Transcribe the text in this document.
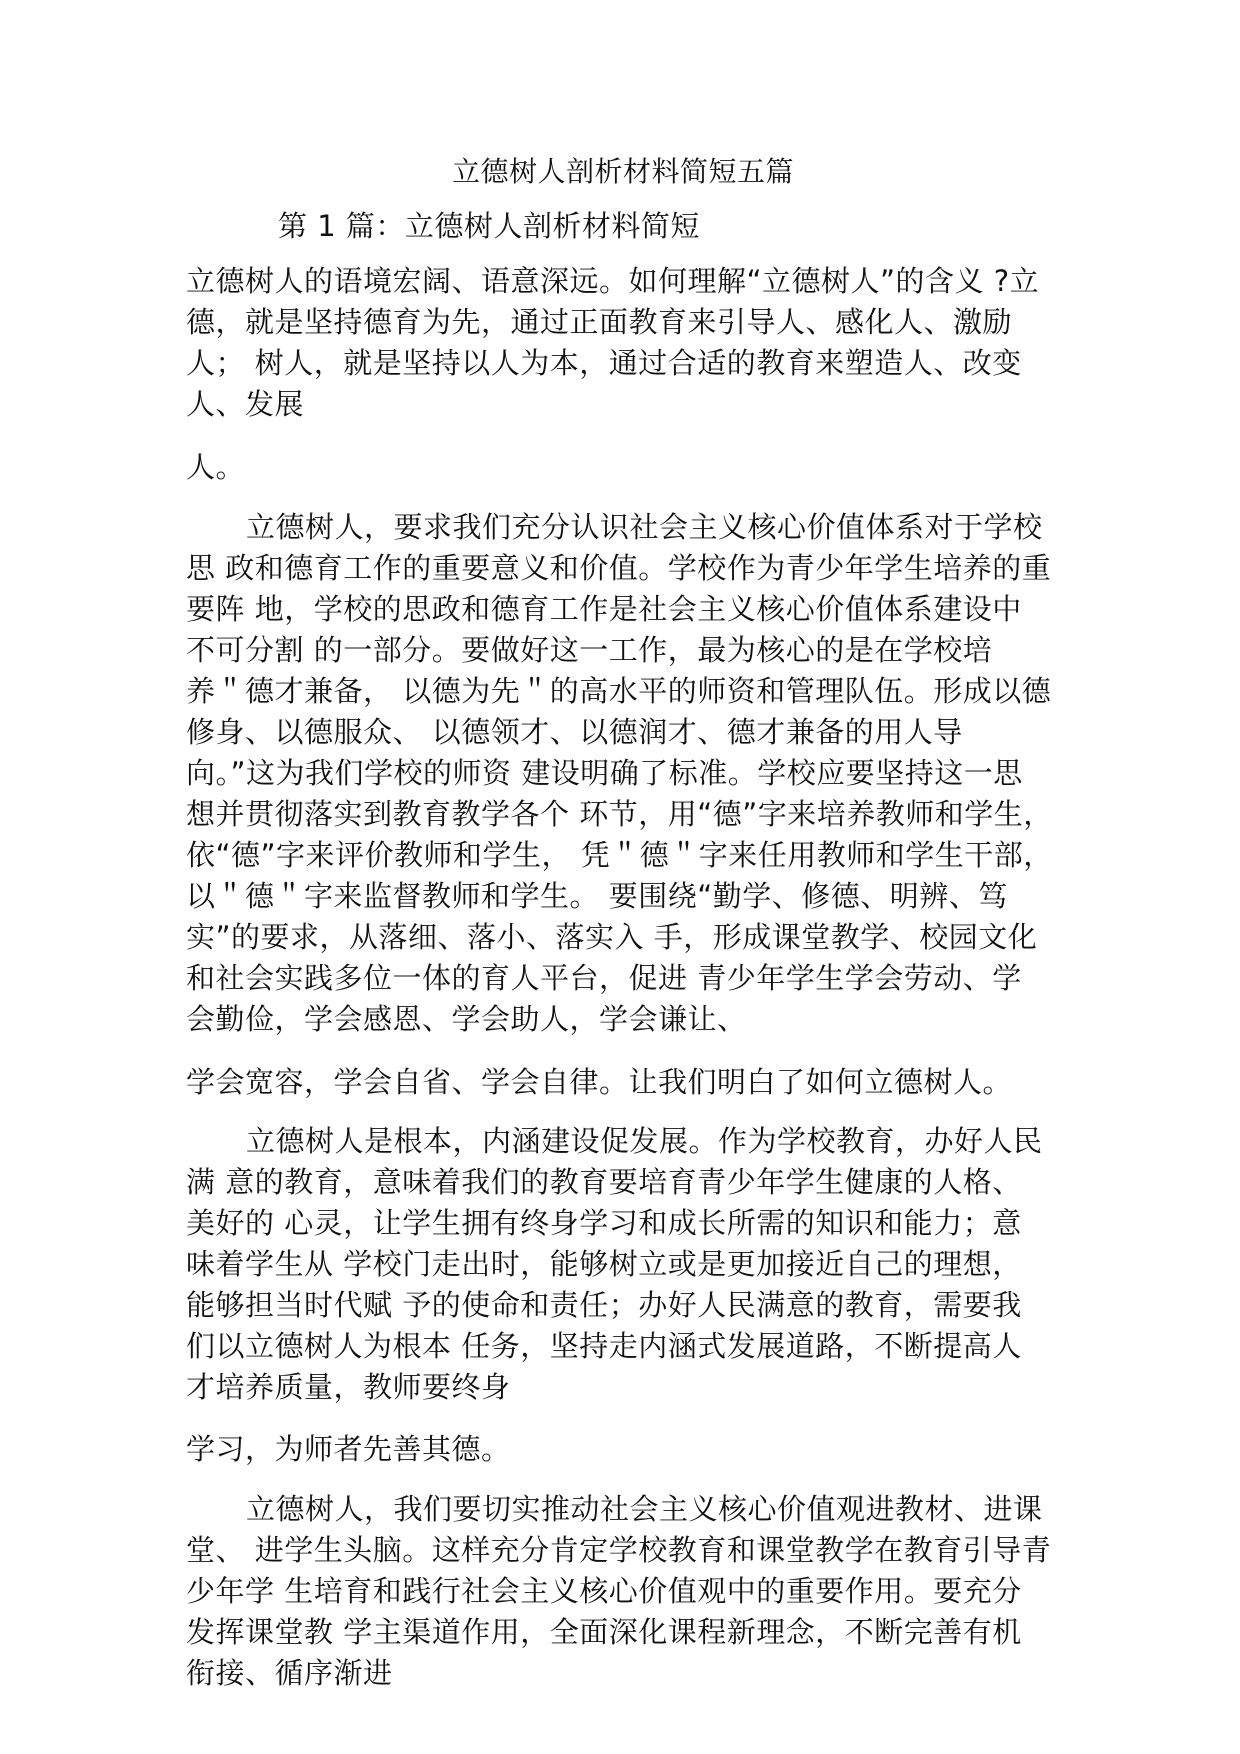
立德树人剖析材料简短五篇
第 1 篇：立德树人剖析材料简短
立德树人的语境宏阔、语意深远。如何理解“立德树人”的含义 ?立
德，就是坚持德育为先，通过正面教育来引导人、感化人、激励
人； 树人，就是坚持以人为本，通过合适的教育来塑造人、改变
人、发展
人。
立德树人，要求我们充分认识社会主义核心价值体系对于学校
思 政和德育工作的重要意义和价值。学校作为青少年学生培养的重
要阵 地，学校的思政和德育工作是社会主义核心价值体系建设中
不可分割 的一部分。要做好这一工作，最为核心的是在学校培
养＂德才兼备， 以德为先＂的高水平的师资和管理队伍。形成以德
修身、以德服众、 以德领才、以德润才、德才兼备的用人导
向。”这为我们学校的师资 建设明确了标准。学校应要坚持这一思
想并贯彻落实到教育教学各个 环节，用“德”字来培养教师和学生，
依“德”字来评价教师和学生， 凭＂德＂字来任用教师和学生干部，
以＂德＂字来监督教师和学生。 要围绕“勤学、修德、明辨、笃
实”的要求，从落细、落小、落实入 手，形成课堂教学、校园文化
和社会实践多位一体的育人平台，促进 青少年学生学会劳动、学
会勤俭，学会感恩、学会助人，学会谦让、
学会宽容，学会自省、学会自律。让我们明白了如何立德树人。
立德树人是根本，内涵建设促发展。作为学校教育，办好人民
满 意的教育，意味着我们的教育要培育青少年学生健康的人格、
美好的 心灵，让学生拥有终身学习和成长所需的知识和能力；意
味着学生从 学校门走出时，能够树立或是更加接近自己的理想，
能够担当时代赋 予的使命和责任；办好人民满意的教育，需要我
们以立德树人为根本 任务，坚持走内涵式发展道路，不断提高人
才培养质量，教师要终身
学习，为师者先善其德。
立德树人，我们要切实推动社会主义核心价值观进教材、进课
堂、 进学生头脑。这样充分肯定学校教育和课堂教学在教育引导青
少年学 生培育和践行社会主义核心价值观中的重要作用。要充分
发挥课堂教 学主渠道作用，全面深化课程新理念，不断完善有机
衔接、循序渐进
